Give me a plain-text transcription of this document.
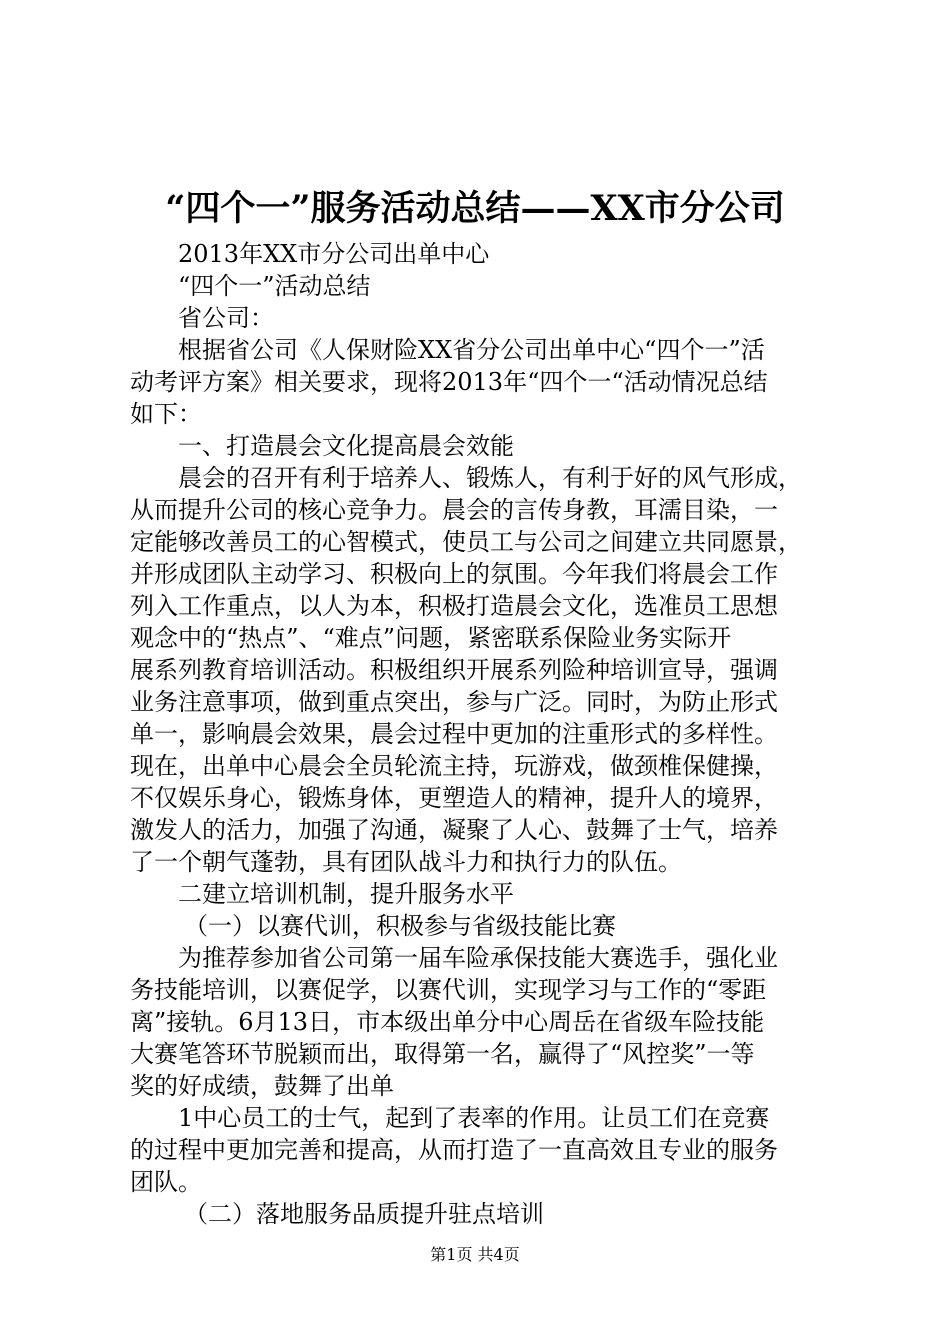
“四个一”服务活动总结——XX市分公司
2013年XX市分公司出单中心
“四个一”活动总结
省公司：
根据省公司《人保财险XX省分公司出单中心“四个一”活
动考评方案》相关要求，现将2013年“四个一“活动情况总结
如下：
一、打造晨会文化提高晨会效能
晨会的召开有利于培养人、锻炼人，有利于好的风气形成，
从而提升公司的核心竞争力。晨会的言传身教，耳濡目染，一
定能够改善员工的心智模式，使员工与公司之间建立共同愿景，
并形成团队主动学习、积极向上的氛围。今年我们将晨会工作
列入工作重点，以人为本，积极打造晨会文化，选准员工思想
观念中的“热点”、“难点”问题，紧密联系保险业务实际开
展系列教育培训活动。积极组织开展系列险种培训宣导，强调
业务注意事项，做到重点突出，参与广泛。同时，为防止形式
单一，影响晨会效果，晨会过程中更加的注重形式的多样性。
现在，出单中心晨会全员轮流主持，玩游戏，做颈椎保健操，
不仅娱乐身心，锻炼身体，更塑造人的精神，提升人的境界，
激发人的活力，加强了沟通，凝聚了人心、鼓舞了士气，培养
了一个朝气蓬勃，具有团队战斗力和执行力的队伍。
二建立培训机制，提升服务水平
（一）以赛代训，积极参与省级技能比赛
为推荐参加省公司第一届车险承保技能大赛选手，强化业
务技能培训，以赛促学，以赛代训，实现学习与工作的“零距
离”接轨。6月13日，市本级出单分中心周岳在省级车险技能
大赛笔答环节脱颖而出，取得第一名，赢得了“风控奖”一等
奖的好成绩，鼓舞了出单
1中心员工的士气，起到了表率的作用。让员工们在竞赛
的过程中更加完善和提高，从而打造了一直高效且专业的服务
团队。
（二）落地服务品质提升驻点培训
第1页 共4页
